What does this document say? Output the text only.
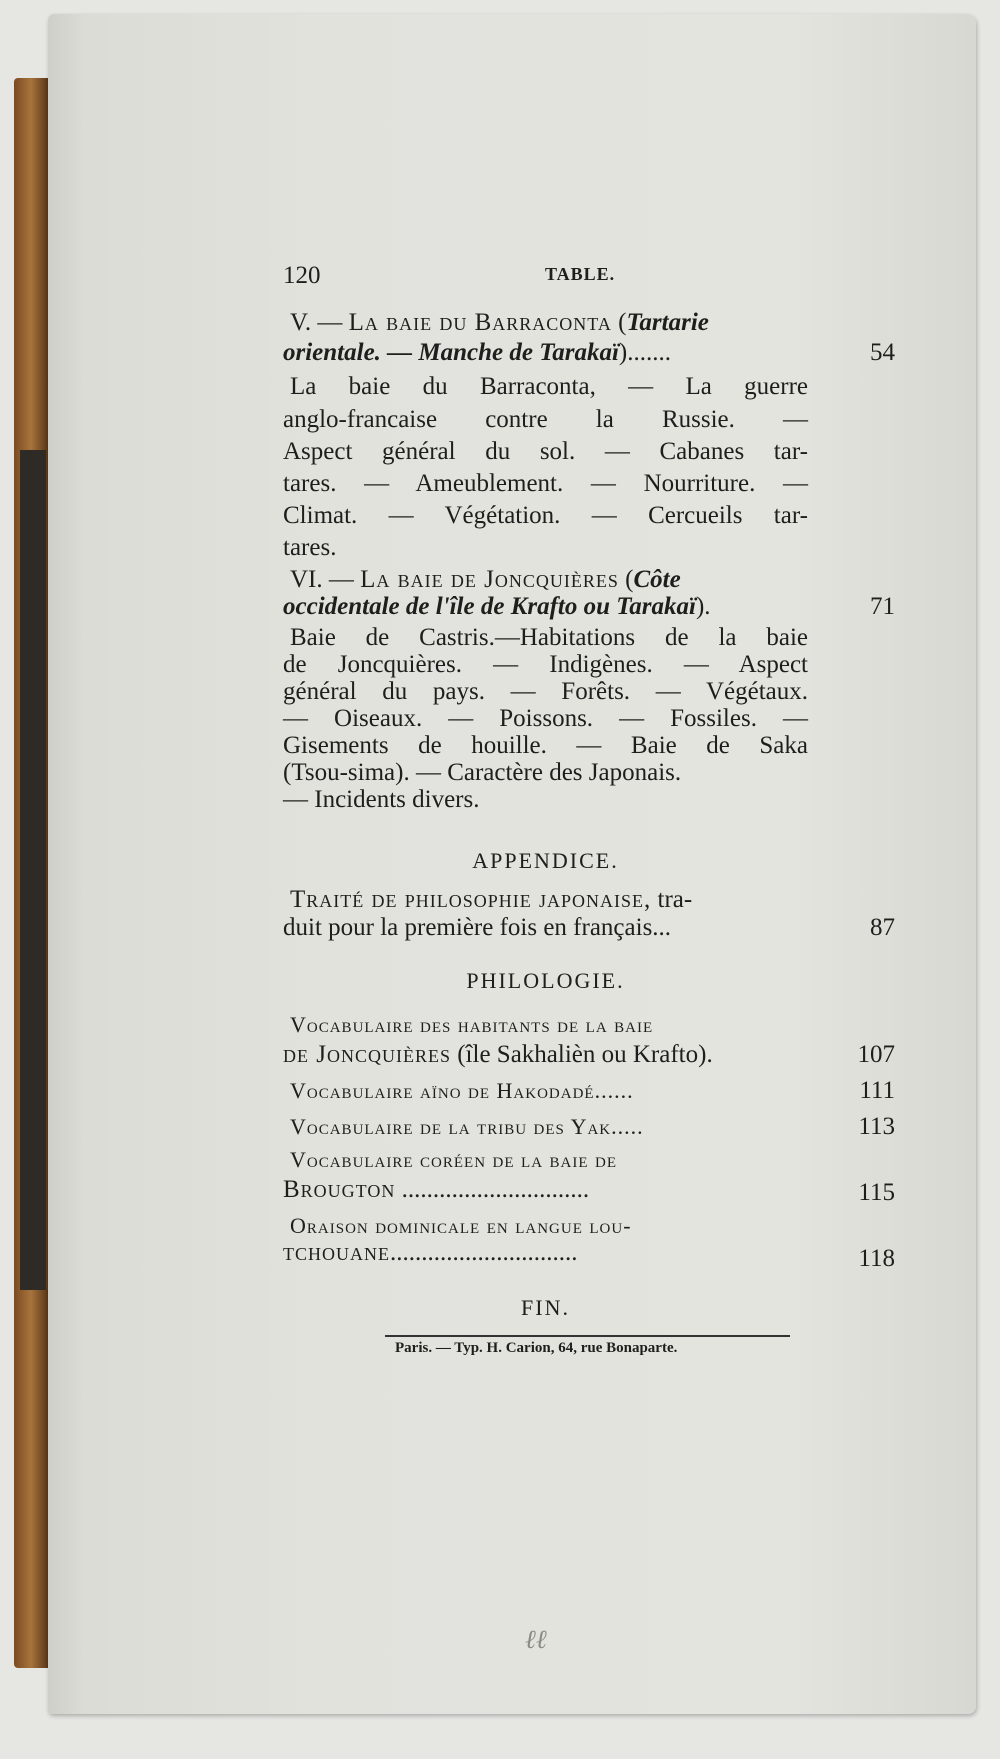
120	TABLE.
V. — La baie du Barraconta (Tartarie
orientale. — Manche de Tarakaï).......	54
La baie du Barraconta, — La guerre
anglo-francaise contre la Russie. —
Aspect général du sol. — Cabanes tar-
tares. — Ameublement. — Nourriture. —
Climat. — Végétation. — Cercueils tar-
tares.
VI. — La baie de Joncquières (Côte
occidentale de l'île de Krafto ou Tarakaï).	71
Baie de Castris.—Habitations de la baie
de Joncquières. — Indigènes. — Aspect
général du pays. — Forêts. — Végétaux.
— Oiseaux. — Poissons. — Fossiles. —
Gisements de houille. — Baie de Saka
(Tsou-sima). — Caractère des Japonais.
— Incidents divers.
APPENDICE.
Traité de philosophie japonaise, tra-
duit pour la première fois en français...	87
PHILOLOGIE.
Vocabulaire des habitants de la baie
de Joncquières (île Sakhalièn ou Krafto).	107
Vocabulaire aïno de Hakodadé......	111
Vocabulaire de la tribu des Yak.....	113
Vocabulaire coréen de la baie de
Brougton ..............................	115
Oraison dominicale en langue lou-
tchouane..............................	118
FIN.
Paris. — Typ. H. Carion, 64, rue Bonaparte.
ℓℓ
